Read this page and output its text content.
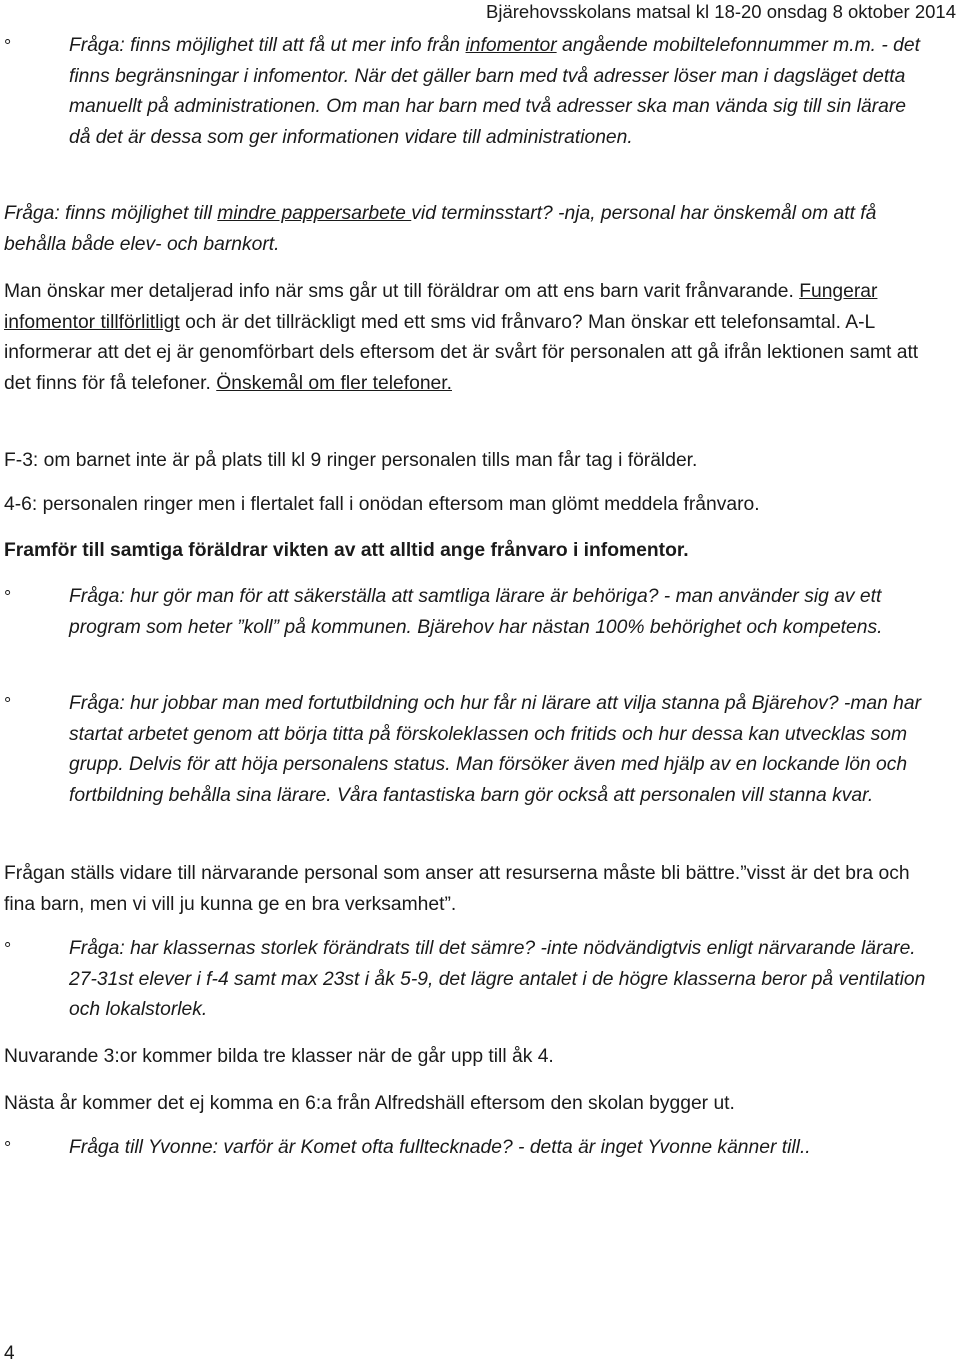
Bjärehovsskolans matsal kl 18-20 onsdag 8 oktober 2014
°	Fråga: finns möjlighet till att få ut mer info från infomentor angående mobiltelefonnummer m.m. - det finns begränsningar i infomentor. När det gäller barn med två adresser löser man i dagsläget detta manuellt på administrationen. Om man har barn med två adresser ska man vända sig till sin lärare då det är dessa som ger informationen vidare till administrationen.

Fråga: finns möjlighet till mindre pappersarbete vid terminsstart? -nja, personal har önskemål om att få behålla både elev- och barnkort.

Man önskar mer detaljerad info när sms går ut till föräldrar om att ens barn varit frånvarande. Fungerar infomentor tillförlitligt och är det tillräckligt med ett sms vid frånvaro? Man önskar ett telefonsamtal. A-L informerar att det ej är genomförbart dels eftersom det är svårt för personalen att gå ifrån lektionen samt att det finns för få telefoner. Önskemål om fler telefoner.

F-3: om barnet inte är på plats till kl 9 ringer personalen tills man får tag i förälder.

4-6: personalen ringer men i flertalet fall i onödan eftersom man glömt meddela frånvaro.

Framför till samtiga föräldrar vikten av att alltid ange frånvaro i infomentor.

°	Fråga: hur gör man för att säkerställa att samtliga lärare är behöriga? - man använder sig av ett program som heter ”koll” på kommunen. Bjärehov har nästan 100% behörighet och kompetens.

°	Fråga: hur jobbar man med fortutbildning och hur får ni lärare att vilja stanna på Bjärehov? -man har startat arbetet genom att börja titta på förskoleklassen och fritids och hur dessa kan utvecklas som grupp. Delvis för att höja personalens status. Man försöker även med hjälp av en lockande lön och fortbildning behålla sina lärare. Våra fantastiska barn gör också att personalen vill stanna kvar.

Frågan ställs vidare till närvarande personal som anser att resurserna måste bli bättre.”visst är det bra och fina barn, men vi vill ju kunna ge en bra verksamhet”.

°	Fråga: har klassernas storlek förändrats till det sämre? -inte nödvändigtvis enligt närvarande lärare. 27-31st elever i f-4 samt max 23st i åk 5-9, det lägre antalet i de högre klasserna beror på ventilation och lokalstorlek.

Nuvarande 3:or kommer bilda tre klasser när de går upp till åk 4.

Nästa år kommer det ej komma en 6:a från Alfredshäll eftersom den skolan bygger ut.

°	Fråga till Yvonne: varför är Komet ofta fulltecknade? - detta är inget Yvonne känner till..

4
